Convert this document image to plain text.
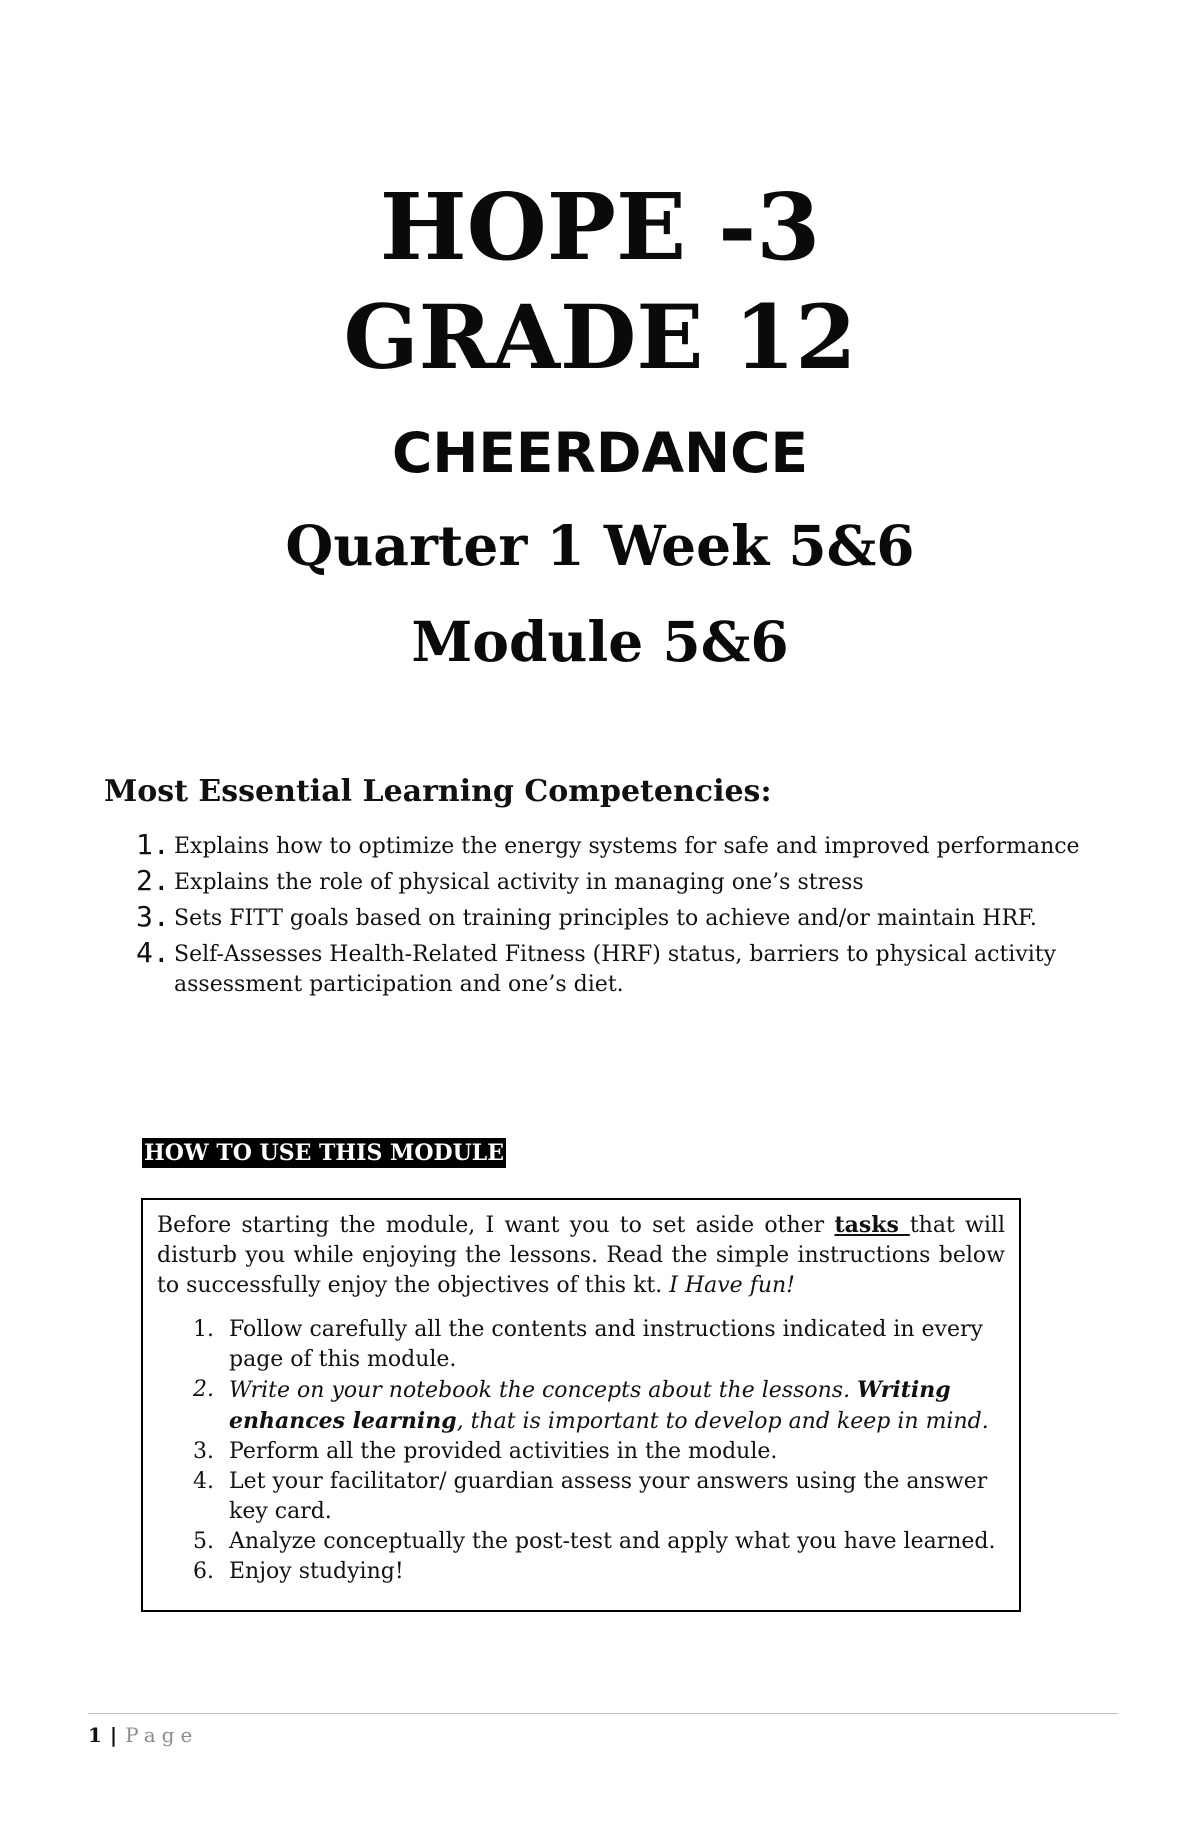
HOPE -3
GRADE 12
CHEERDANCE
Quarter 1 Week 5&6
Module 5&6
Most Essential Learning Competencies:
1. Explains how to optimize the energy systems for safe and improved performance
2. Explains the role of physical activity in managing one’s stress
3. Sets FITT goals based on training principles to achieve and/or maintain HRF.
4. Self-Assesses Health-Related Fitness (HRF) status, barriers to physical activity assessment participation and one’s diet.
HOW TO USE THIS MODULE

Before starting the module, I want you to set aside other tasks that will disturb you while enjoying the lessons. Read the simple instructions below to successfully enjoy the objectives of this kt. I Have fun!

1. Follow carefully all the contents and instructions indicated in every page of this module.
2. Write on your notebook the concepts about the lessons. Writing enhances learning, that is important to develop and keep in mind.
3. Perform all the provided activities in the module.
4. Let your facilitator/ guardian assess your answers using the answer key card.
5. Analyze conceptually the post-test and apply what you have learned.
6. Enjoy studying!
1 | Page
